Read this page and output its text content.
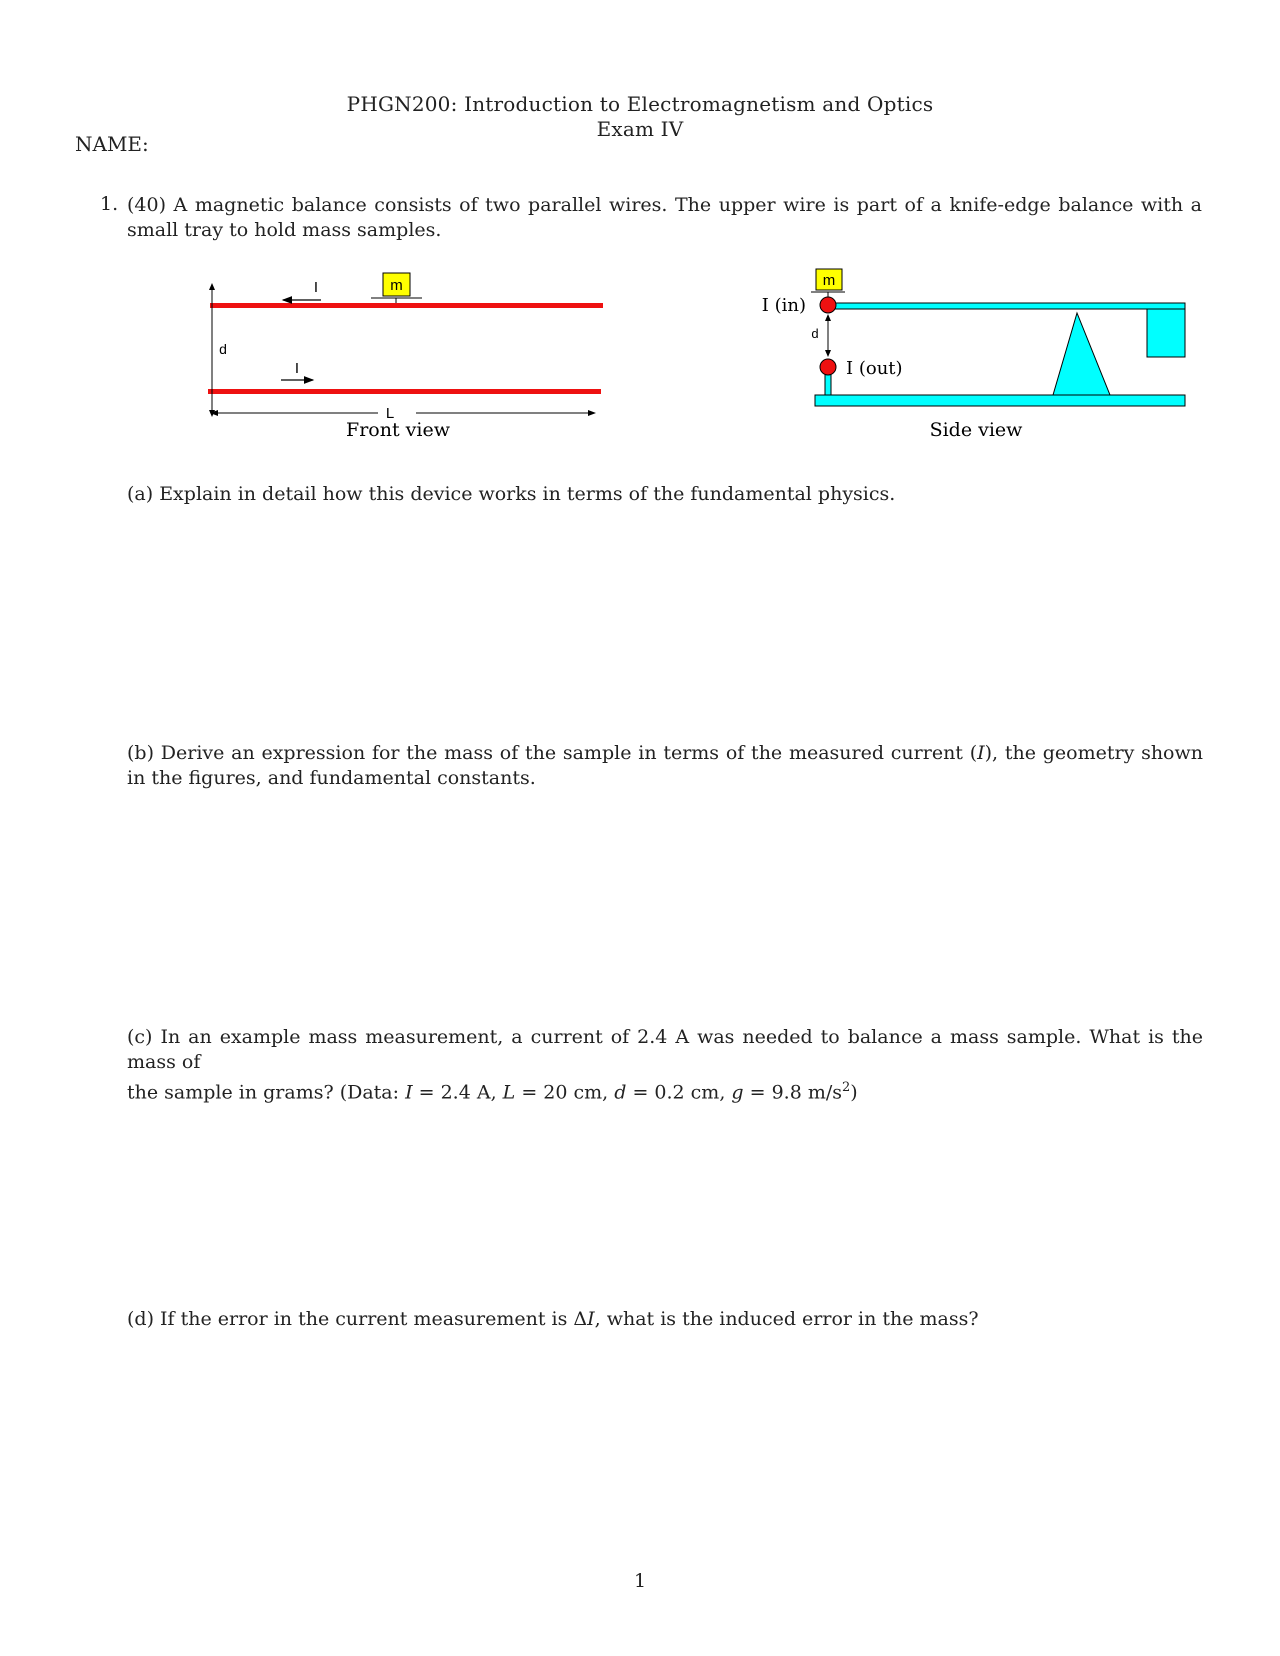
PHGN200: Introduction to Electromagnetism and Optics
Exam IV
NAME:
1. (40) A magnetic balance consists of two parallel wires. The upper wire is part of a knife-edge balance with a small tray to hold mass samples.
I
I
m
d
L
Front view
m
d
I (in)
I (out)
Side view
(a) Explain in detail how this device works in terms of the fundamental physics.
(b) Derive an expression for the mass of the sample in terms of the measured current (I), the geometry shown in the figures, and fundamental constants.
(c) In an example mass measurement, a current of 2.4 A was needed to balance a mass sample. What is the mass of
the sample in grams? (Data: I = 2.4 A, L = 20 cm, d = 0.2 cm, g = 9.8 $m/s^2$)
(d) If the error in the current measurement is ΔI, what is the induced error in the mass?
1
